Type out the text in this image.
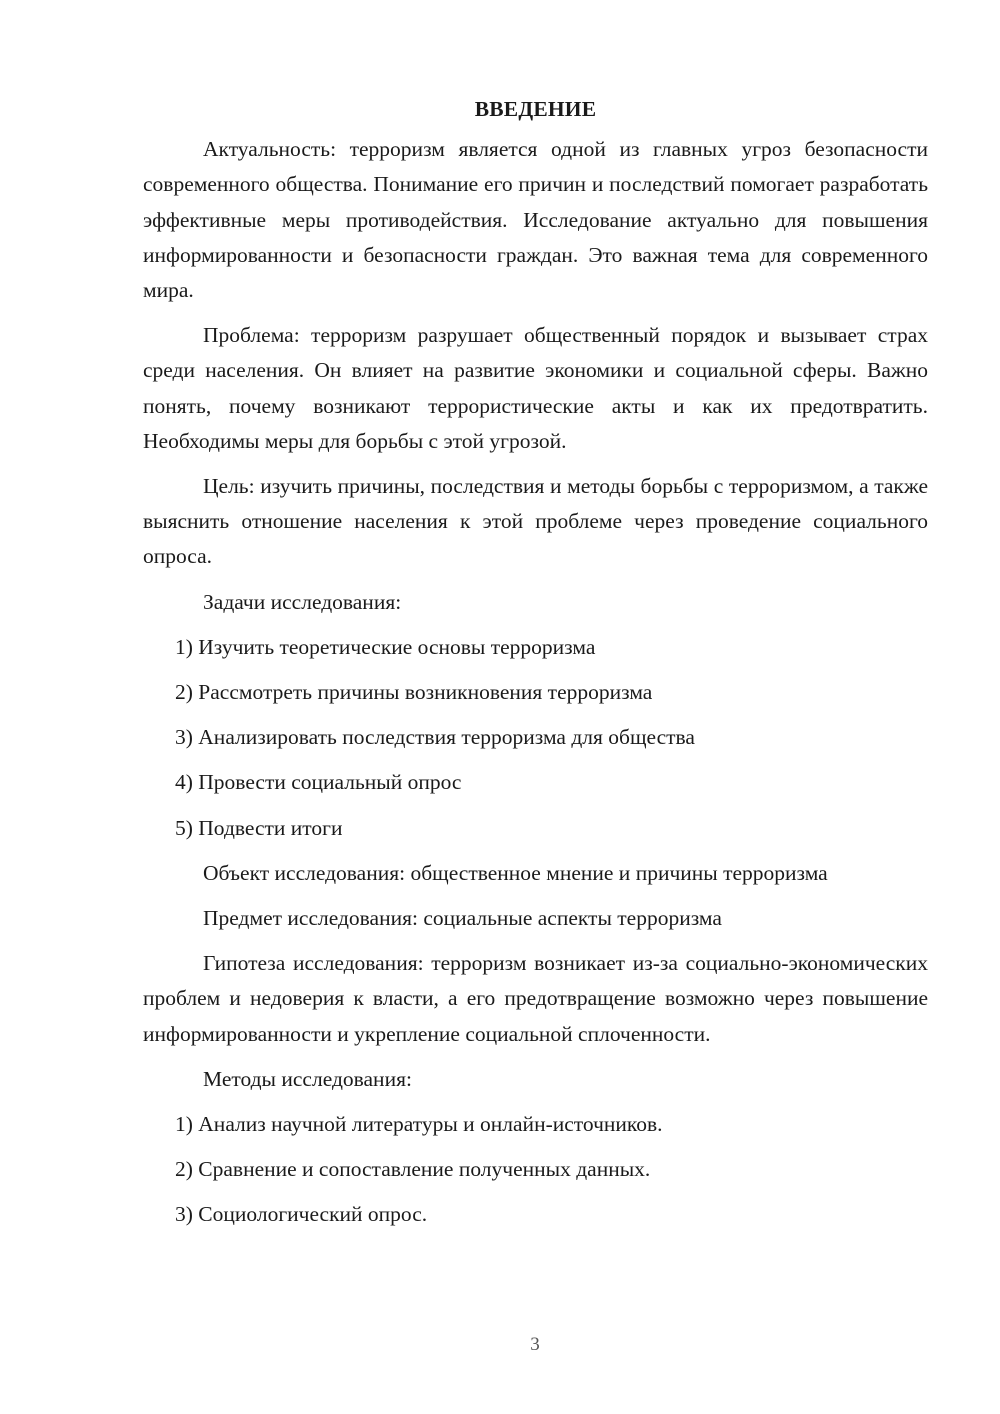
ВВЕДЕНИЕ

Актуальность: терроризм является одной из главных угроз безопасности современного общества. Понимание его причин и последствий помогает разработать эффективные меры противодействия. Исследование актуально для повышения информированности и безопасности граждан. Это важная тема для современного мира.

Проблема: терроризм разрушает общественный порядок и вызывает страх среди населения. Он влияет на развитие экономики и социальной сферы. Важно понять, почему возникают террористические акты и как их предотвратить. Необходимы меры для борьбы с этой угрозой.

Цель: изучить причины, последствия и методы борьбы с терроризмом, а также выяснить отношение населения к этой проблеме через проведение социального опроса.

Задачи исследования:

1) Изучить теоретические основы терроризма

2) Рассмотреть причины возникновения терроризма

3) Анализировать последствия терроризма для общества

4) Провести социальный опрос

5) Подвести итоги

Объект исследования: общественное мнение и причины терроризма

Предмет исследования: социальные аспекты терроризма

Гипотеза исследования: терроризм возникает из-за социально-экономических проблем и недоверия к власти, а его предотвращение возможно через повышение информированности и укрепление социальной сплоченности.

Методы исследования:

1) Анализ научной литературы и онлайн-источников.

2) Сравнение и сопоставление полученных данных.

3) Социологический опрос.

3
